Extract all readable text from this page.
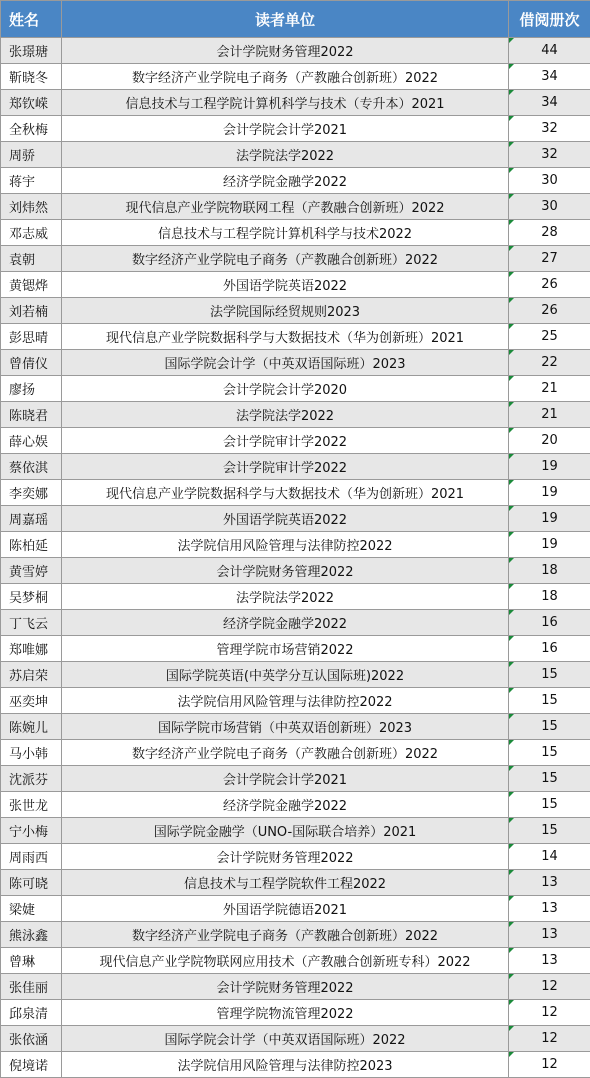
姓名	读者单位	借阅册次
张璟瑭	会计学院财务管理2022	44
靳晓冬	数字经济产业学院电子商务（产教融合创新班）2022	34
郑钦嵘	信息技术与工程学院计算机科学与技术（专升本）2021	34
全秋梅	会计学院会计学2021	32
周骄	法学院法学2022	32
蒋宇	经济学院金融学2022	30
刘炜然	现代信息产业学院物联网工程（产教融合创新班）2022	30
邓志威	信息技术与工程学院计算机科学与技术2022	28
袁朝	数字经济产业学院电子商务（产教融合创新班）2022	27
黄锶烨	外国语学院英语2022	26
刘若楠	法学院国际经贸规则2023	26
彭思晴	现代信息产业学院数据科学与大数据技术（华为创新班）2021	25
曾倩仪	国际学院会计学（中英双语国际班）2023	22
廖扬	会计学院会计学2020	21
陈晓君	法学院法学2022	21
薛心娱	会计学院审计学2022	20
蔡依淇	会计学院审计学2022	19
李奕娜	现代信息产业学院数据科学与大数据技术（华为创新班）2021	19
周嘉瑶	外国语学院英语2022	19
陈柏延	法学院信用风险管理与法律防控2022	19
黄雪婷	会计学院财务管理2022	18
吴梦桐	法学院法学2022	18
丁飞云	经济学院金融学2022	16
郑唯娜	管理学院市场营销2022	16
苏启荣	国际学院英语(中英学分互认国际班)2022	15
巫奕坤	法学院信用风险管理与法律防控2022	15
陈婉儿	国际学院市场营销（中英双语创新班）2023	15
马小韩	数字经济产业学院电子商务（产教融合创新班）2022	15
沈派芬	会计学院会计学2021	15
张世龙	经济学院金融学2022	15
宁小梅	国际学院金融学（UNO-国际联合培养）2021	15
周雨西	会计学院财务管理2022	14
陈可晓	信息技术与工程学院软件工程2022	13
梁婕	外国语学院德语2021	13
熊泳鑫	数字经济产业学院电子商务（产教融合创新班）2022	13
曾琳	现代信息产业学院物联网应用技术（产教融合创新班专科）2022	13
张佳丽	会计学院财务管理2022	12
邱泉清	管理学院物流管理2022	12
张依涵	国际学院会计学（中英双语国际班）2022	12
倪境诺	法学院信用风险管理与法律防控2023	12
